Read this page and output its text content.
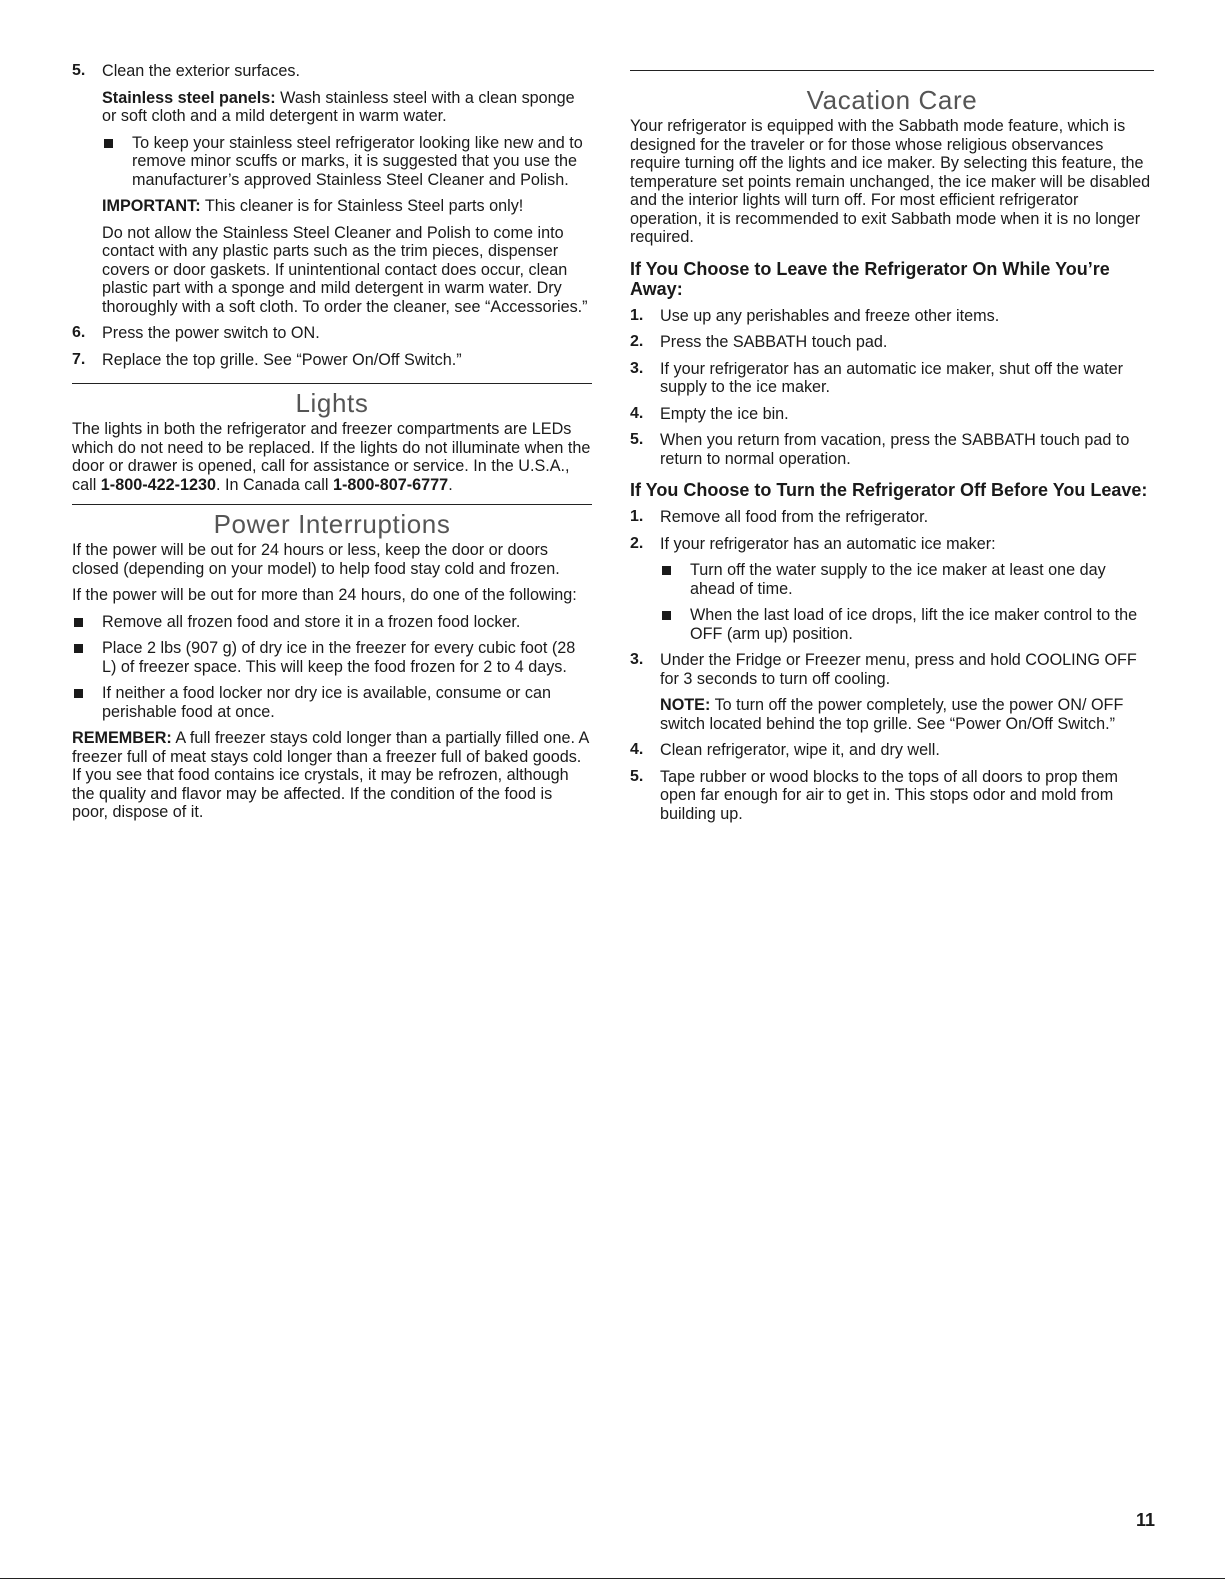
5. Clean the exterior surfaces.

Stainless steel panels: Wash stainless steel with a clean sponge or soft cloth and a mild detergent in warm water.

To keep your stainless steel refrigerator looking like new and to remove minor scuffs or marks, it is suggested that you use the manufacturer’s approved Stainless Steel Cleaner and Polish.

IMPORTANT: This cleaner is for Stainless Steel parts only!

Do not allow the Stainless Steel Cleaner and Polish to come into contact with any plastic parts such as the trim pieces, dispenser covers or door gaskets. If unintentional contact does occur, clean plastic part with a sponge and mild detergent in warm water. Dry thoroughly with a soft cloth. To order the cleaner, see “Accessories.”

6. Press the power switch to ON.

7. Replace the top grille. See “Power On/Off Switch.”

Lights

The lights in both the refrigerator and freezer compartments are LEDs which do not need to be replaced. If the lights do not illuminate when the door or drawer is opened, call for assistance or service. In the U.S.A., call 1-800-422-1230. In Canada call 1-800-807-6777.

Power Interruptions

If the power will be out for 24 hours or less, keep the door or doors closed (depending on your model) to help food stay cold and frozen.

If the power will be out for more than 24 hours, do one of the following:

Remove all frozen food and store it in a frozen food locker.

Place 2 lbs (907 g) of dry ice in the freezer for every cubic foot (28 L) of freezer space. This will keep the food frozen for 2 to 4 days.

If neither a food locker nor dry ice is available, consume or can perishable food at once.

REMEMBER: A full freezer stays cold longer than a partially filled one. A freezer full of meat stays cold longer than a freezer full of baked goods. If you see that food contains ice crystals, it may be refrozen, although the quality and flavor may be affected. If the condition of the food is poor, dispose of it.

Vacation Care

Your refrigerator is equipped with the Sabbath mode feature, which is designed for the traveler or for those whose religious observances require turning off the lights and ice maker. By selecting this feature, the temperature set points remain unchanged, the ice maker will be disabled and the interior lights will turn off. For most efficient refrigerator operation, it is recommended to exit Sabbath mode when it is no longer required.

If You Choose to Leave the Refrigerator On While You’re Away:
1. Use up any perishables and freeze other items.

2. Press the SABBATH touch pad.

3. If your refrigerator has an automatic ice maker, shut off the water supply to the ice maker.

4. Empty the ice bin.

5. When you return from vacation, press the SABBATH touch pad to return to normal operation.

If You Choose to Turn the Refrigerator Off Before You Leave:
1. Remove all food from the refrigerator.

2. If your refrigerator has an automatic ice maker:

Turn off the water supply to the ice maker at least one day ahead of time.

When the last load of ice drops, lift the ice maker control to the OFF (arm up) position.

3. Under the Fridge or Freezer menu, press and hold COOLING OFF for 3 seconds to turn off cooling.

NOTE: To turn off the power completely, use the power ON/ OFF switch located behind the top grille. See “Power On/Off Switch.”

4. Clean refrigerator, wipe it, and dry well.

5. Tape rubber or wood blocks to the tops of all doors to prop them open far enough for air to get in. This stops odor and mold from building up.

11
